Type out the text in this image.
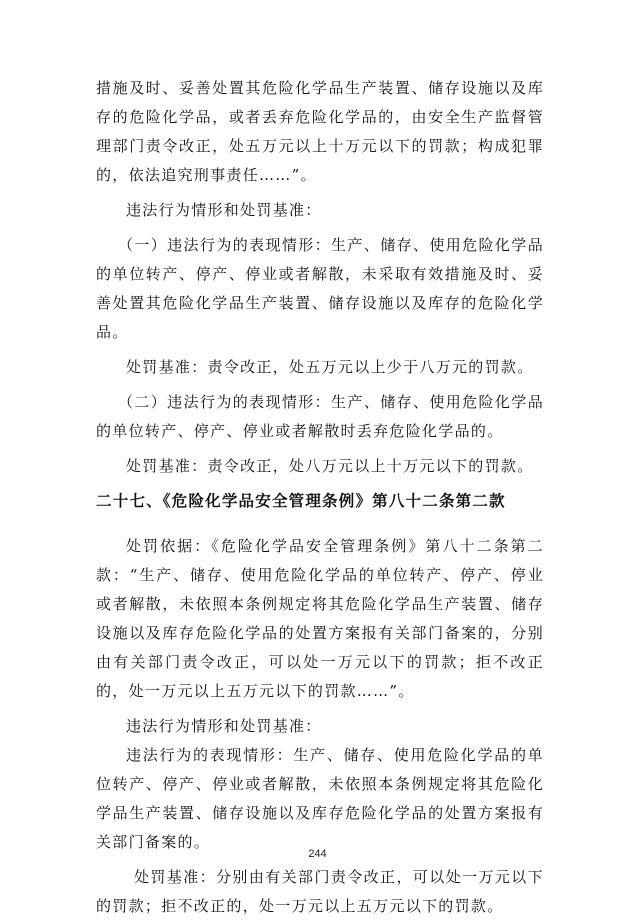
措施及时、妥善处置其危险化学品生产装置、储存设施以及库存的危险化学品，或者丢弃危险化学品的，由安全生产监督管理部门责令改正，处五万元以上十万元以下的罚款；构成犯罪的，依法追究刑事责任……”。

违法行为情形和处罚基准：

（一）违法行为的表现情形：生产、储存、使用危险化学品的单位转产、停产、停业或者解散，未采取有效措施及时、妥善处置其危险化学品生产装置、储存设施以及库存的危险化学品。

处罚基准：责令改正，处五万元以上少于八万元的罚款。

（二）违法行为的表现情形：生产、储存、使用危险化学品的单位转产、停产、停业或者解散时丢弃危险化学品的。

处罚基准：责令改正，处八万元以上十万元以下的罚款。

二十七、《危险化学品安全管理条例》第八十二条第二款

处罚依据：《危险化学品安全管理条例》第八十二条第二款：“生产、储存、使用危险化学品的单位转产、停产、停业或者解散，未依照本条例规定将其危险化学品生产装置、储存设施以及库存危险化学品的处置方案报有关部门备案的，分别由有关部门责令改正，可以处一万元以下的罚款；拒不改正的，处一万元以上五万元以下的罚款……”。

违法行为情形和处罚基准：

违法行为的表现情形：生产、储存、使用危险化学品的单位转产、停产、停业或者解散，未依照本条例规定将其危险化学品生产装置、储存设施以及库存危险化学品的处置方案报有关部门备案的。

处罚基准：分别由有关部门责令改正，可以处一万元以下的罚款；拒不改正的，处一万元以上五万元以下的罚款。

244
